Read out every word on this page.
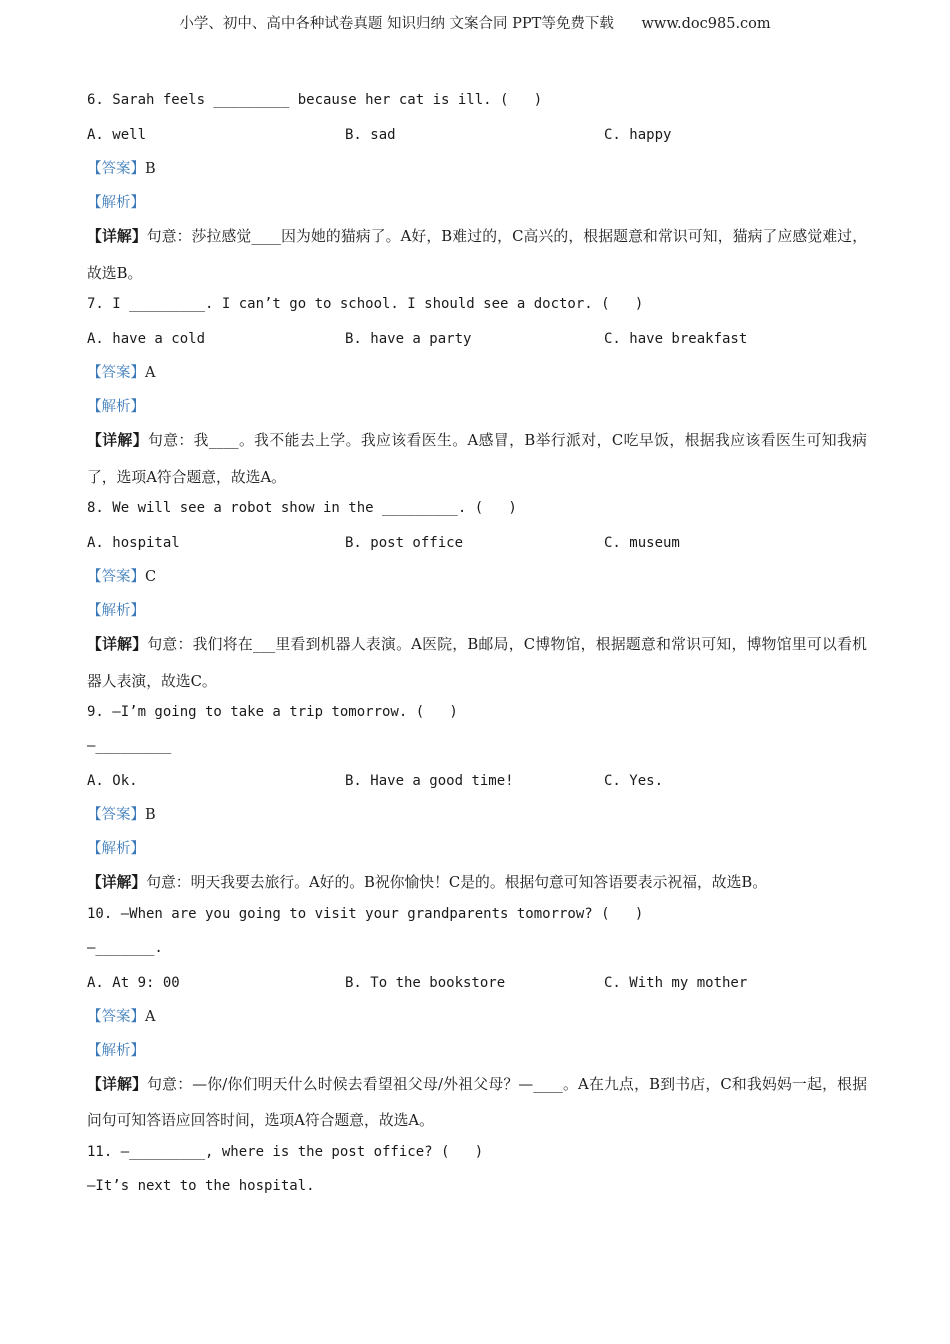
小学、初中、高中各种试卷真题 知识归纳 文案合同 PPT等免费下载 www.doc985.com
6. Sarah feels _________ because her cat is ill. (   )
A. well	B. sad	C. happy
【答案】B
【解析】
【详解】句意：莎拉感觉____因为她的猫病了。A好，B难过的，C高兴的，根据题意和常识可知，猫病了应感觉难过，故选B。
7. I _________. I can’t go to school. I should see a doctor. (   )
A. have a cold	B. have a party	C. have breakfast
【答案】A
【解析】
【详解】句意：我____。我不能去上学。我应该看医生。A感冒，B举行派对，C吃早饭，根据我应该看医生可知我病了，选项A符合题意，故选A。
8. We will see a robot show in the _________. (   )
A. hospital	B. post office	C. museum
【答案】C
【解析】
【详解】句意：我们将在___里看到机器人表演。A医院，B邮局，C博物馆，根据题意和常识可知，博物馆里可以看机器人表演，故选C。
9. —I’m going to take a trip tomorrow. (   )
—_________
A. Ok.	B. Have a good time!	C. Yes.
【答案】B
【解析】
【详解】句意：明天我要去旅行。A好的。B祝你愉快！C是的。根据句意可知答语要表示祝福，故选B。
10. —When are you going to visit your grandparents tomorrow? (   )
—_______.
A. At 9: 00	B. To the bookstore	C. With my mother
【答案】A
【解析】
【详解】句意：—你/你们明天什么时候去看望祖父母/外祖父母？—____。A在九点，B到书店，C和我妈妈一起，根据问句可知答语应回答时间，选项A符合题意，故选A。
11. —_________, where is the post office? (   )
—It’s next to the hospital.
